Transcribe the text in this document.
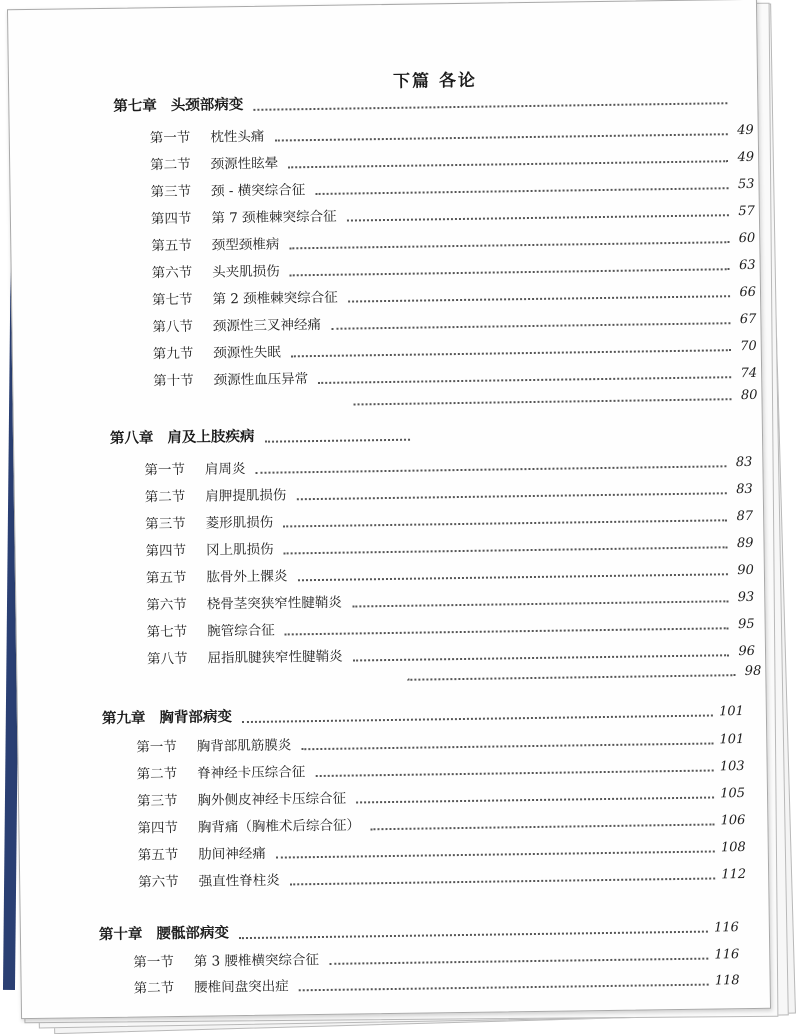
下篇 各论
第七章 头颈部病变
第一节 枕性头痛	49
第二节 颈源性眩晕	49
第三节 颈 - 横突综合征	53
第四节 第 7 颈椎棘突综合征	57
第五节 颈型颈椎病	60
第六节 头夹肌损伤	63
第七节 第 2 颈椎棘突综合征	66
第八节 颈源性三叉神经痛	67
第九节 颈源性失眠	70
第十节 颈源性血压异常	74
80
第八章 肩及上肢疾病
第一节 肩周炎	83
第二节 肩胛提肌损伤	83
第三节 菱形肌损伤	87
第四节 冈上肌损伤	89
第五节 肱骨外上髁炎	90
第六节 桡骨茎突狭窄性腱鞘炎	93
第七节 腕管综合征	95
第八节 屈指肌腱狭窄性腱鞘炎	96
98
第九章 胸背部病变	101
第一节 胸背部肌筋膜炎	101
第二节 脊神经卡压综合征	103
第三节 胸外侧皮神经卡压综合征	105
第四节 胸背痛（胸椎术后综合征）	106
第五节 肋间神经痛	108
第六节 强直性脊柱炎	112
第十章 腰骶部病变	116
第一节 第 3 腰椎横突综合征	116
第二节 腰椎间盘突出症	118
